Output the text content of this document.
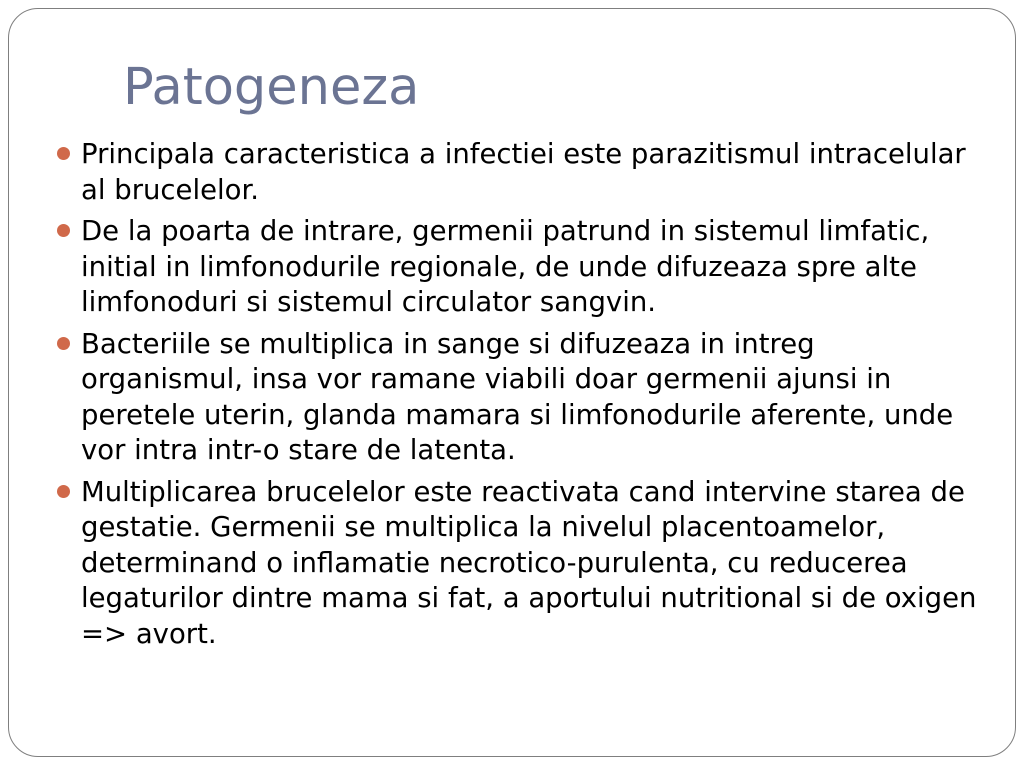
Patogeneza
Principala caracteristica a infectiei este parazitismul intracelular al brucelelor.
De la poarta de intrare, germenii patrund in sistemul limfatic, initial in limfonodurile regionale, de unde difuzeaza spre alte limfonoduri si sistemul circulator sangvin.
Bacteriile se multiplica in sange si difuzeaza in intreg organismul, insa vor ramane viabili doar germenii ajunsi in peretele uterin, glanda mamara si limfonodurile aferente, unde vor intra intr-o stare de latenta.
Multiplicarea brucelelor este reactivata cand intervine starea de gestatie. Germenii se multiplica la nivelul placentoamelor, determinand o inflamatie necrotico-purulenta, cu reducerea legaturilor dintre mama si fat, a aportului nutritional si de oxigen => avort.
